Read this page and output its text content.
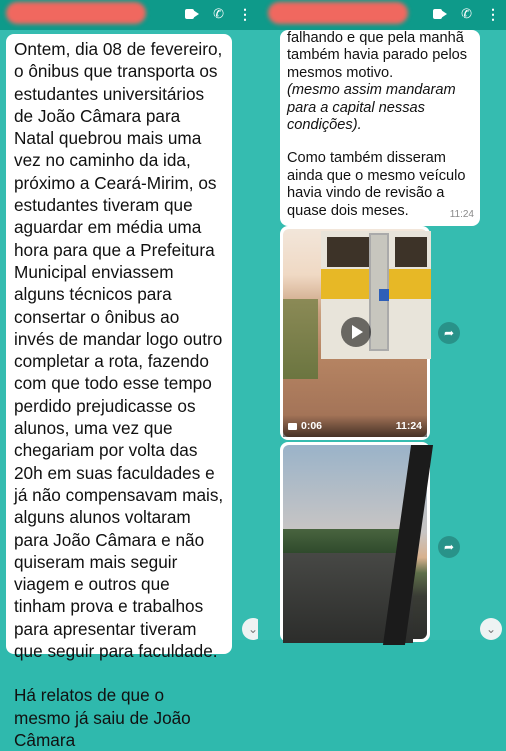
✆ ⋮

Ontem, dia 08 de fevereiro, o ônibus que transporta os estudantes universitários de João Câmara para Natal quebrou mais uma vez no caminho da ida, próximo a Ceará-Mirim, os estudantes tiveram que aguardar em média uma hora para que a Prefeitura Municipal enviassem alguns técnicos para consertar o ônibus ao invés de mandar logo outro completar a rota, fazendo com que todo esse tempo perdido prejudicasse os alunos, uma vez que chegariam por volta das 20h em suas faculdades e já não compensavam mais, alguns alunos voltaram para João Câmara e não quiseram mais seguir viagem e outros que tinham prova e trabalhos para apresentar tiveram que seguir para faculdade.

Há relatos de que o mesmo já saiu de João Câmara

⌄
✆ ⋮
falhando e que pela manhã também havia parado pelos mesmos motivo.
(mesmo assim mandaram para a capital nessas condições).
Como também disseram ainda que o mesmo veículo havia vindo de revisão a quase dois meses.	11:24
0:06	11:24
➦
➦
⌄
